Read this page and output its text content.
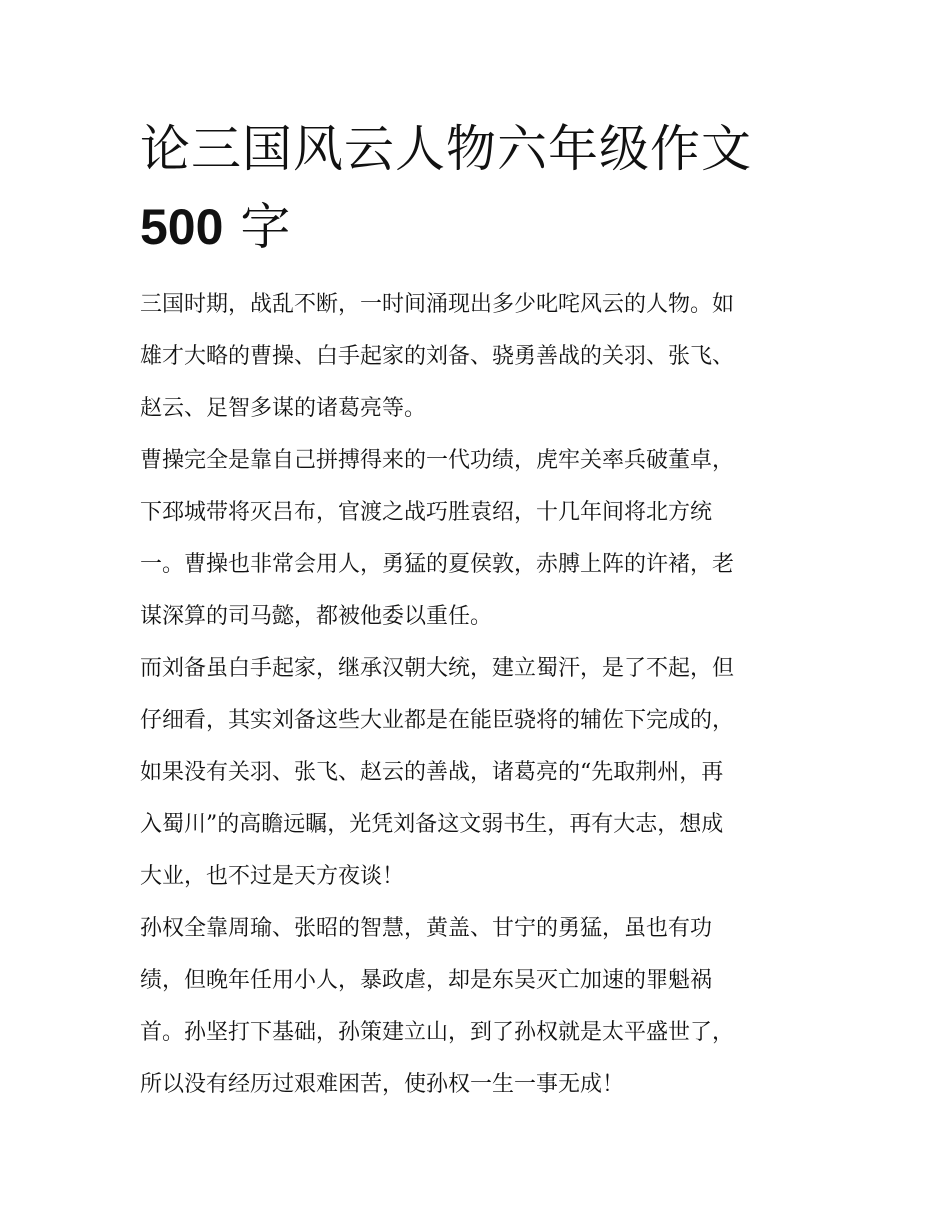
论三国风云人物六年级作文
500 字

三国时期，战乱不断，一时间涌现出多少叱咤风云的人物。如
雄才大略的曹操、白手起家的刘备、骁勇善战的关羽、张飞、
赵云、足智多谋的诸葛亮等。

曹操完全是靠自己拼搏得来的一代功绩，虎牢关率兵破董卓，
下邳城带将灭吕布，官渡之战巧胜袁绍，十几年间将北方统
一。曹操也非常会用人，勇猛的夏侯敦，赤膊上阵的许褚，老
谋深算的司马懿，都被他委以重任。

而刘备虽白手起家，继承汉朝大统，建立蜀汗，是了不起，但
仔细看，其实刘备这些大业都是在能臣骁将的辅佐下完成的，
如果没有关羽、张飞、赵云的善战，诸葛亮的“先取荆州，再
入蜀川”的高瞻远瞩，光凭刘备这文弱书生，再有大志，想成
大业，也不过是天方夜谈！

孙权全靠周瑜、张昭的智慧，黄盖、甘宁的勇猛，虽也有功
绩，但晚年任用小人，暴政虐，却是东吴灭亡加速的罪魁祸
首。孙坚打下基础，孙策建立山，到了孙权就是太平盛世了，
所以没有经历过艰难困苦，使孙权一生一事无成！
